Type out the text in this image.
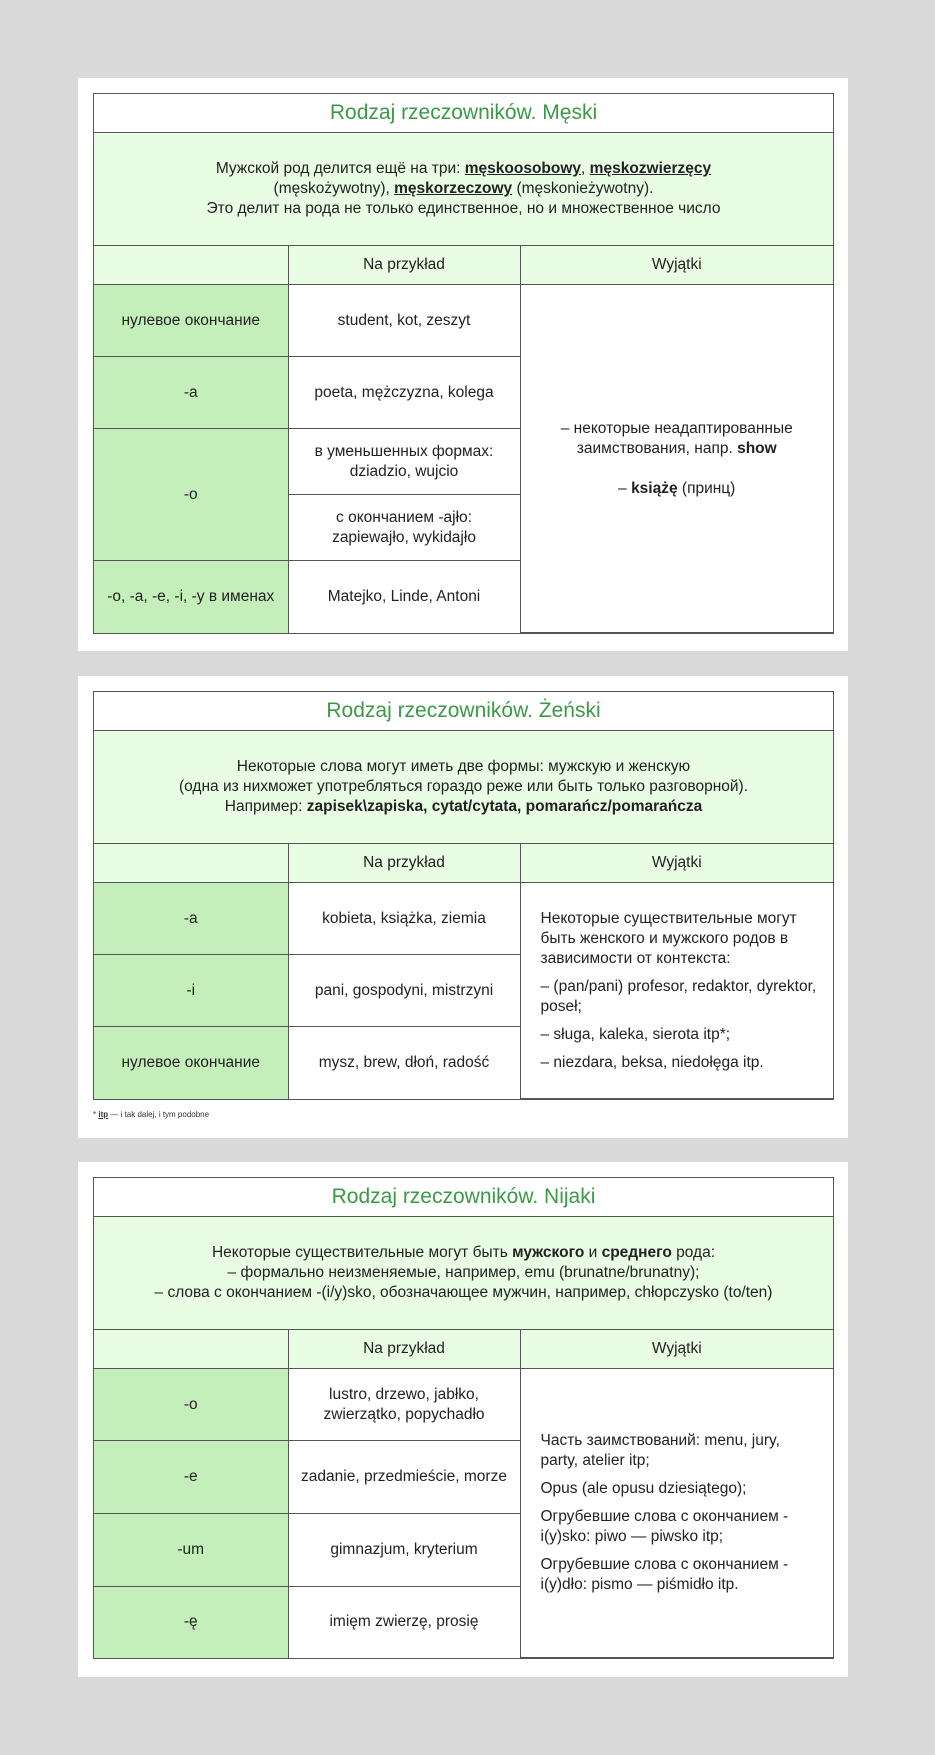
Rodzaj rzeczowników. Męski
Мужской род делится ещё на три: męskoosobowy, męskozwierzęcy
(męskożywotny), męskorzeczowy (męskonieżywotny).
Это делит на рода не только единственное, но и множественное число
	Na przykład	Wyjątki
нулевое окончание	student, kot, zeszyt	– некоторые неадаптированные заимствования, напр. show
– książę (принц)

-a	poeta, mężczyzna, kolega	
-o	в уменьшенных формах: dziadzio, wujcio	
	с окончанием -ajło: zapiewajło, wykidajło	
-o, -a, -e, -i, -y в именах	Matejko, Linde, Antoni	
Rodzaj rzeczowników. Żeński
Некоторые слова могут иметь две формы: мужскую и женскую
(одна из нихможет употребляться гораздо реже или быть только разговорной).
Например: zapisek\zapiska, cytat/cytata, pomarańcz/pomarańcza
	Na przykład	Wyjątki
-a	kobieta, książka, ziemia	Некоторые существительные могут быть женского и мужского родов в зависимости от контекста:

– (pan/pani) profesor, redaktor, dyrektor, poseł;

– sługa, kaleka, sierota itp*;

– niezdara, beksa, niedołęga itp.

-i	pani, gospodyni, mistrzyni	
нулевое окончание	mysz, brew, dłoń, radość	
* itp — i tak dalej, i tym podobne
Rodzaj rzeczowników. Nijaki
Некоторые существительные могут быть мужского и среднего рода:
– формально неизменяемые, например, emu (brunatne/brunatny);
– слова с окончанием -(i/y)sko, обозначающее мужчин, например, chłopczysko (to/ten)
	Na przykład	Wyjątki
-o	lustro, drzewo, jabłko, zwierzątko, popychadło	Часть заимствований: menu, jury, party, atelier itp;

Opus (ale opusu dziesiątego);

Огрубевшие слова с окончанием -i(y)sko: piwo — piwsko itp;

Огрубевшие слова с окончанием -i(y)dło: pismo — piśmidło itp.

-e	zadanie, przedmieście, morze	
-um	gimnazjum, kryterium	
-ę	imięm zwierzę, prosię	
